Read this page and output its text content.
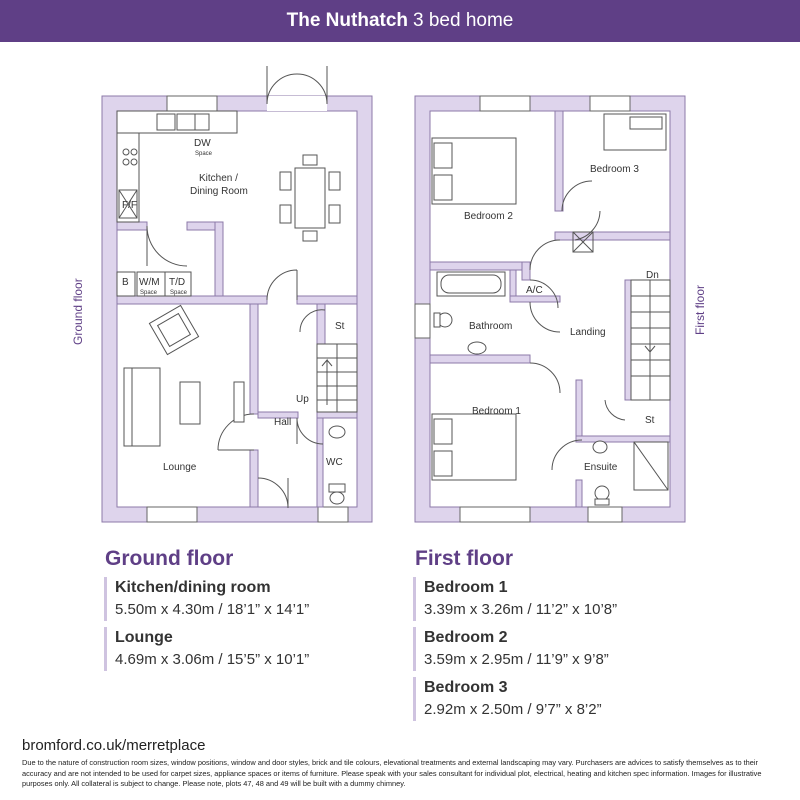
The Nuthatch 3 bed home
DW
Space
Kitchen /
Dining Room
F/F
B W/M
Space
T/D
Space
St
Up
Hall
WC
Lounge
Ground floor
Bedroom 2
Bedroom 3
Dn
A/C
Bathroom
Landing
Bedroom 1
St
Ensuite
First floor
Ground floor
Kitchen/dining room
5.50m x 4.30m / 18’1” x 14’1”
Lounge
4.69m x 3.06m / 15’5” x 10’1”
First floor
Bedroom 1
3.39m x 3.26m / 11’2” x 10’8”
Bedroom 2
3.59m x 2.95m / 11’9” x 9’8”
Bedroom 3
2.92m x 2.50m / 9’7” x 8’2”
bromford.co.uk/merretplace
Due to the nature of construction room sizes, window positions, window and door styles, brick and tile colours, elevational treatments and external landscaping may vary. Purchasers are advices to satisfy themselves as to their accuracy and are not intended to be used for carpet sizes, appliance spaces or items of furniture. Please speak with your sales consultant for individual plot, electrical, heating and kitchen spec information. Images for illustrative purposes only. All collateral is subject to change. Please note, plots 47, 48 and 49 will be built with a dummy chimney.
